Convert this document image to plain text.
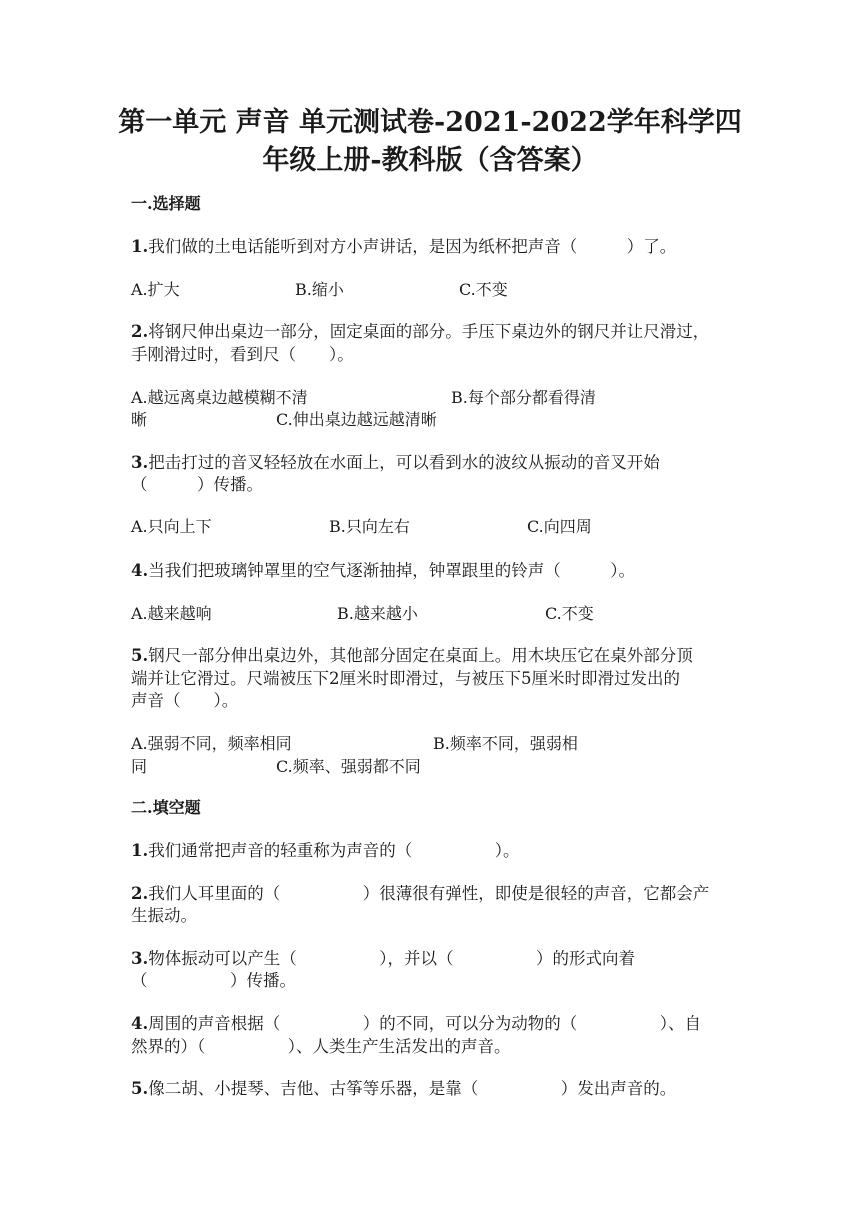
第一单元 声音 单元测试卷-2021-2022学年科学四
年级上册-教科版（含答案）
一.选择题
1.我们做的土电话能听到对方小声讲话，是因为纸杯把声音（　　　）了。
A.扩大	B.缩小	C.不变
2.将钢尺伸出桌边一部分，固定桌面的部分。手压下桌边外的钢尺并让尺滑过，
手刚滑过时，看到尺（　　）。
A.越远离桌边越模糊不清	B.每个部分都看得清
晰	C.伸出桌边越远越清晰
3.把击打过的音叉轻轻放在水面上，可以看到水的波纹从振动的音叉开始
（　　　）传播。
A.只向上下	B.只向左右	C.向四周
4.当我们把玻璃钟罩里的空气逐渐抽掉，钟罩跟里的铃声（　　　）。
A.越来越响	B.越来越小	C.不变
5.钢尺一部分伸出桌边外，其他部分固定在桌面上。用木块压它在桌外部分顶
端并让它滑过。尺端被压下2厘米时即滑过，与被压下5厘米时即滑过发出的
声音（　　）。
A.强弱不同，频率相同	B.频率不同，强弱相
同	C.频率、强弱都不同
二.填空题
1.我们通常把声音的轻重称为声音的（　　　　　）。
2.我们人耳里面的（　　　　　）很薄很有弹性，即使是很轻的声音，它都会产
生振动。
3.物体振动可以产生（　　　　　），并以（　　　　　）的形式向着
（　　　　　）传播。
4.周围的声音根据（　　　　　）的不同，可以分为动物的（　　　　　）、自
然界的）（　　　　　）、人类生产生活发出的声音。
5.像二胡、小提琴、吉他、古筝等乐器，是靠（　　　　　）发出声音的。
